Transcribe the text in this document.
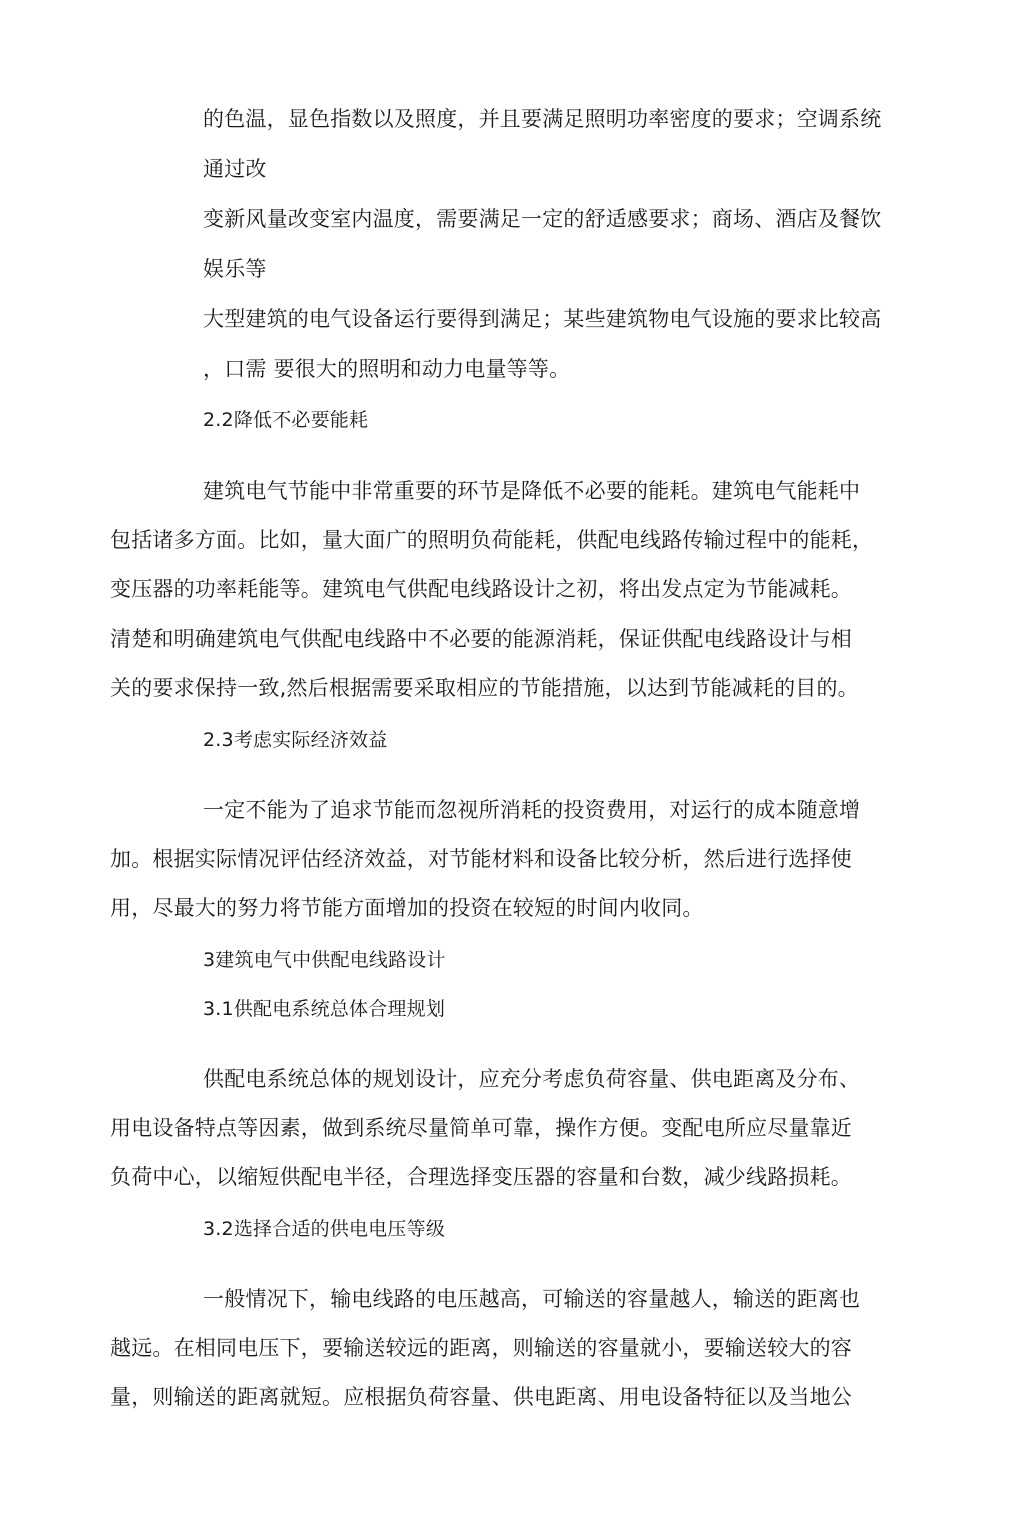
的色温，显色指数以及照度，并且要满足照明功率密度的要求；空调系统
通过改
变新风量改变室内温度，需要满足一定的舒适感要求；商场、酒店及餐饮
娱乐等
大型建筑的电气设备运行要得到满足；某些建筑物电气设施的要求比较高
，口需 要很大的照明和动力电量等等。
2.2降低不必要能耗
建筑电气节能中非常重要的环节是降低不必要的能耗。建筑电气能耗中
包括诸多方面。比如，量大面广的照明负荷能耗，供配电线路传输过程中的能耗，
变压器的功率耗能等。建筑电气供配电线路设计之初，将出发点定为节能减耗。
清楚和明确建筑电气供配电线路中不必要的能源消耗，保证供配电线路设计与相
关的要求保持一致,然后根据需要采取相应的节能措施，以达到节能减耗的目的。
2.3考虑实际经济效益
一定不能为了追求节能而忽视所消耗的投资费用，对运行的成本随意增
加。根据实际情况评估经济效益，对节能材料和设备比较分析，然后进行选择使
用，尽最大的努力将节能方面增加的投资在较短的时间内收同。
3建筑电气中供配电线路设计
3.1供配电系统总体合理规划
供配电系统总体的规划设计，应充分考虑负荷容量、供电距离及分布、
用电设备特点等因素，做到系统尽量简单可靠，操作方便。变配电所应尽量靠近
负荷中心，以缩短供配电半径，合理选择变压器的容量和台数，减少线路损耗。
3.2选择合适的供电电压等级
一般情况下，输电线路的电压越高，可输送的容量越人，输送的距离也
越远。在相同电压下，要输送较远的距离，则输送的容量就小，要输送较大的容
量，则输送的距离就短。应根据负荷容量、供电距离、用电设备特征以及当地公
